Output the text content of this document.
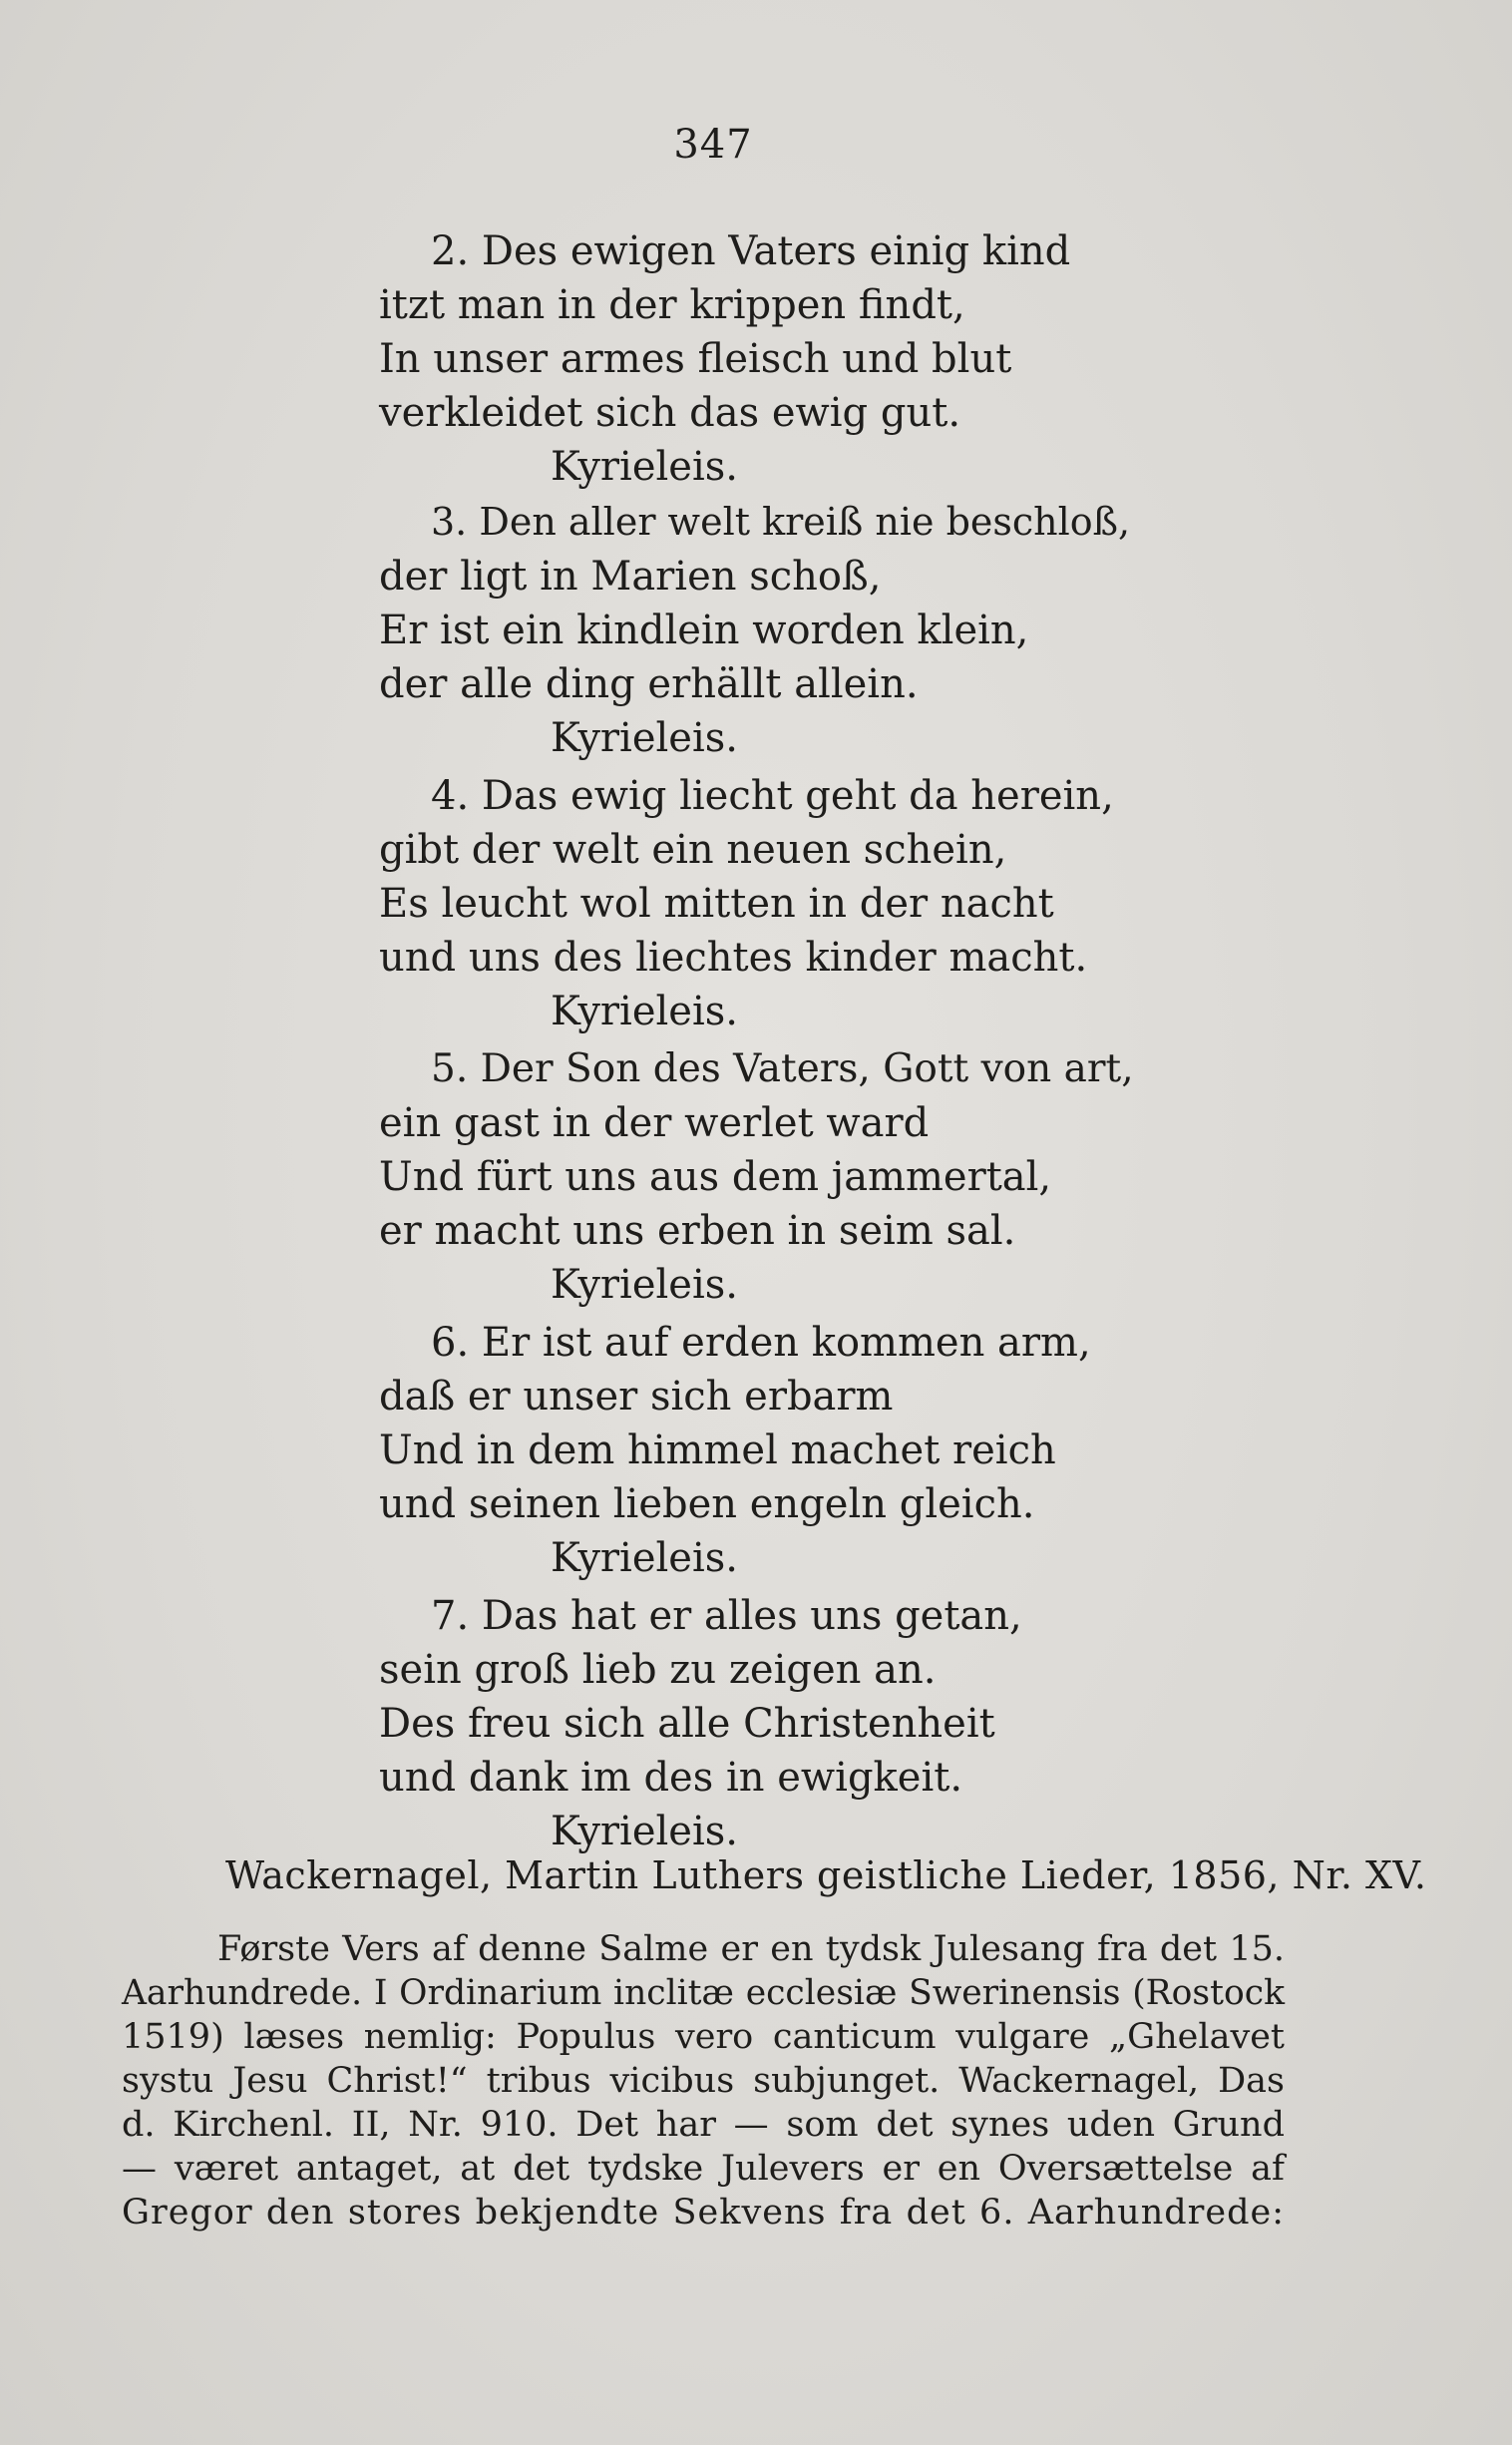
347
2. Des ewigen Vaters einig kind
itzt man in der krippen findt,
In unser armes fleisch und blut
verkleidet sich das ewig gut.
Kyrieleis.
3. Den aller welt kreiß nie beschloß,
der ligt in Marien schoß,
Er ist ein kindlein worden klein,
der alle ding erhällt allein.
Kyrieleis.
4. Das ewig liecht geht da herein,
gibt der welt ein neuen schein,
Es leucht wol mitten in der nacht
und uns des liechtes kinder macht.
Kyrieleis.
5. Der Son des Vaters, Gott von art,
ein gast in der werlet ward
Und fürt uns aus dem jammertal,
er macht uns erben in seim sal.
Kyrieleis.
6. Er ist auf erden kommen arm,
daß er unser sich erbarm
Und in dem himmel machet reich
und seinen lieben engeln gleich.
Kyrieleis.
7. Das hat er alles uns getan,
sein groß lieb zu zeigen an.
Des freu sich alle Christenheit
und dank im des in ewigkeit.
Kyrieleis.
Wackernagel, Martin Luthers geistliche Lieder, 1856, Nr. XV.
Første Vers af denne Salme er en tydsk Julesang fra det 15.
Aarhundrede. I Ordinarium inclitæ ecclesiæ Swerinensis (Rostock
1519) læses nemlig: Populus vero canticum vulgare „Ghelavet
systu Jesu Christ!“ tribus vicibus subjunget. Wackernagel, Das
d. Kirchenl. II, Nr. 910. Det har — som det synes uden Grund
— været antaget, at det tydske Julevers er en Oversættelse af
Gregor den stores bekjendte Sekvens fra det 6. Aarhundrede:
